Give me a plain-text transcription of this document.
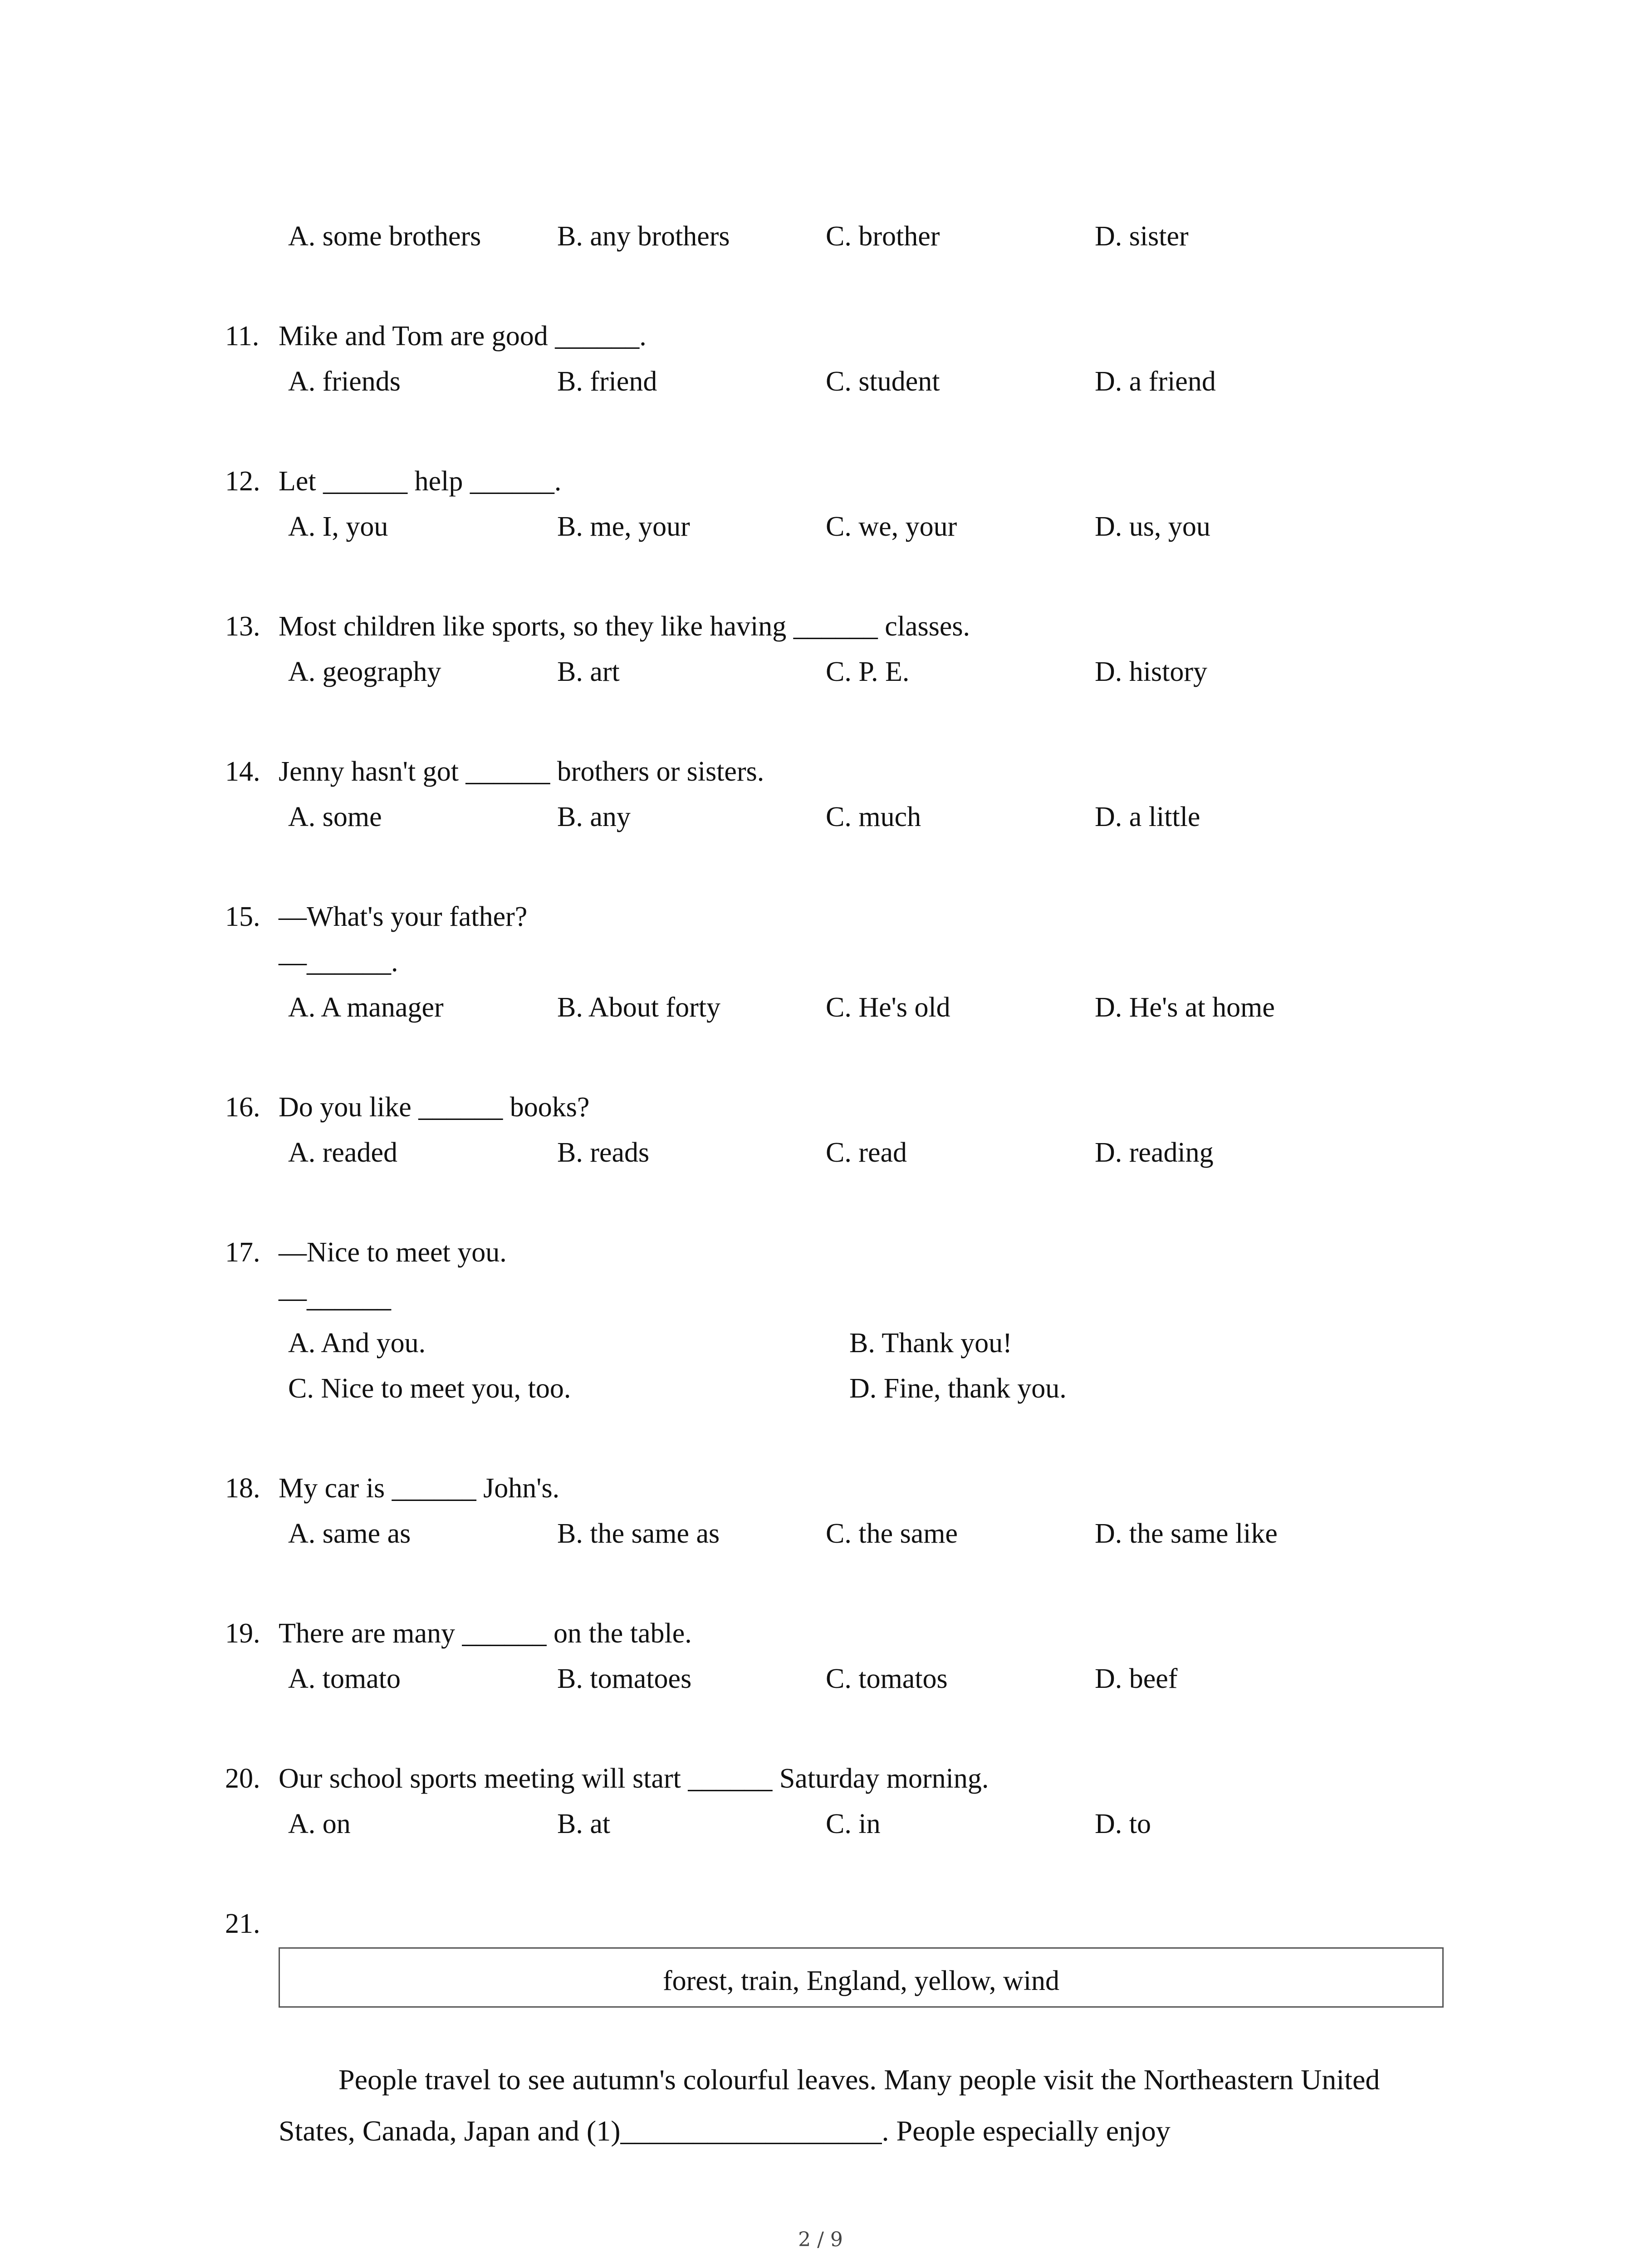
A. some brothers	B. any brothers	C. brother	D. sister
11. Mike and Tom are good ______.
A. friends	B. friend	C. student	D. a friend
12. Let ______ help ______.
A. I, you	B. me, your	C. we, your	D. us, you
13. Most children like sports, so they like having ______ classes.
A. geography	B. art	C. P. E.	D. history
14. Jenny hasn't got ______ brothers or sisters.
A. some	B. any	C. much	D. a little
15. —What's your father?
—______.
A. A manager	B. About forty	C. He's old	D. He's at home
16. Do you like ______ books?
A. readed	B. reads	C. read	D. reading
17. —Nice to meet you.
—______
A. And you.	B. Thank you!
C. Nice to meet you, too.	D. Fine, thank you.
18. My car is ______ John's.
A. same as	B. the same as	C. the same	D. the same like
19. There are many ______ on the table.
A. tomato	B. tomatoes	C. tomatos	D. beef
20. Our school sports meeting will start ______ Saturday morning.
A. on	B. at	C. in	D. to
21.
forest, train, England, yellow, wind
People travel to see autumn's colourful leaves. Many people visit the Northeastern United
States, Canada, Japan and (1)__________________. People especially enjoy
2 / 9
